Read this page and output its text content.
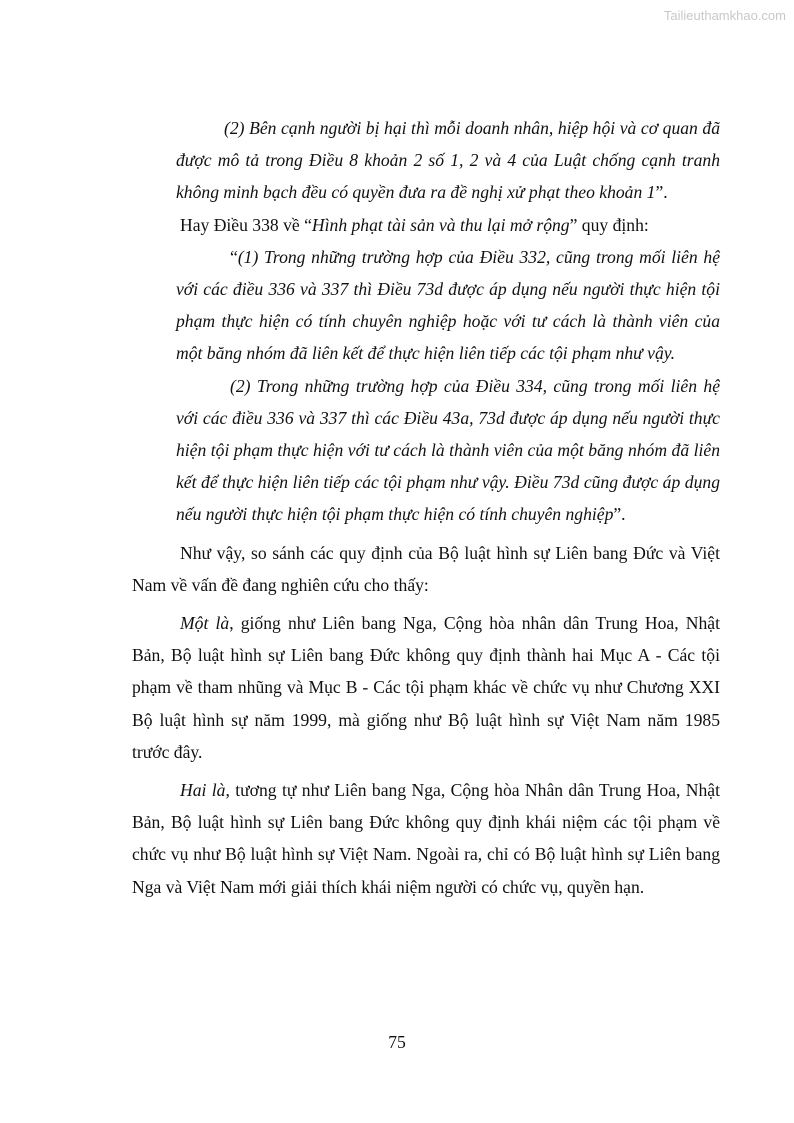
Tailieuthamkhao.com

(2) Bên cạnh người bị hại thì mỗi doanh nhân, hiệp hội và cơ quan đã được mô tả trong Điều 8 khoản 2 số 1, 2 và 4 của Luật chống cạnh tranh không minh bạch đều có quyền đưa ra đề nghị xử phạt theo khoản 1”.

Hay Điều 338 về “Hình phạt tài sản và thu lại mở rộng” quy định:

“(1) Trong những trường hợp của Điều 332, cũng trong mối liên hệ với các điều 336 và 337 thì Điều 73d được áp dụng nếu người thực hiện tội phạm thực hiện có tính chuyên nghiệp hoặc với tư cách là thành viên của một băng nhóm đã liên kết để thực hiện liên tiếp các tội phạm như vậy.

(2) Trong những trường hợp của Điều 334, cũng trong mối liên hệ với các điều 336 và 337 thì các Điều 43a, 73d được áp dụng nếu người thực hiện tội phạm thực hiện với tư cách là thành viên của một băng nhóm đã liên kết để thực hiện liên tiếp các tội phạm như vậy. Điều 73d cũng được áp dụng nếu người thực hiện tội phạm thực hiện có tính chuyên nghiệp”.

Như vậy, so sánh các quy định của Bộ luật hình sự Liên bang Đức và Việt Nam về vấn đề đang nghiên cứu cho thấy:

Một là, giống như Liên bang Nga, Cộng hòa nhân dân Trung Hoa, Nhật Bản, Bộ luật hình sự Liên bang Đức không quy định thành hai Mục A - Các tội phạm về tham nhũng và Mục B - Các tội phạm khác về chức vụ như Chương XXI Bộ luật hình sự năm 1999, mà giống như Bộ luật hình sự Việt Nam năm 1985 trước đây.

Hai là, tương tự như Liên bang Nga, Cộng hòa Nhân dân Trung Hoa, Nhật Bản, Bộ luật hình sự Liên bang Đức không quy định khái niệm các tội phạm về chức vụ như Bộ luật hình sự Việt Nam. Ngoài ra, chỉ có Bộ luật hình sự Liên bang Nga và Việt Nam mới giải thích khái niệm người có chức vụ, quyền hạn.

75
